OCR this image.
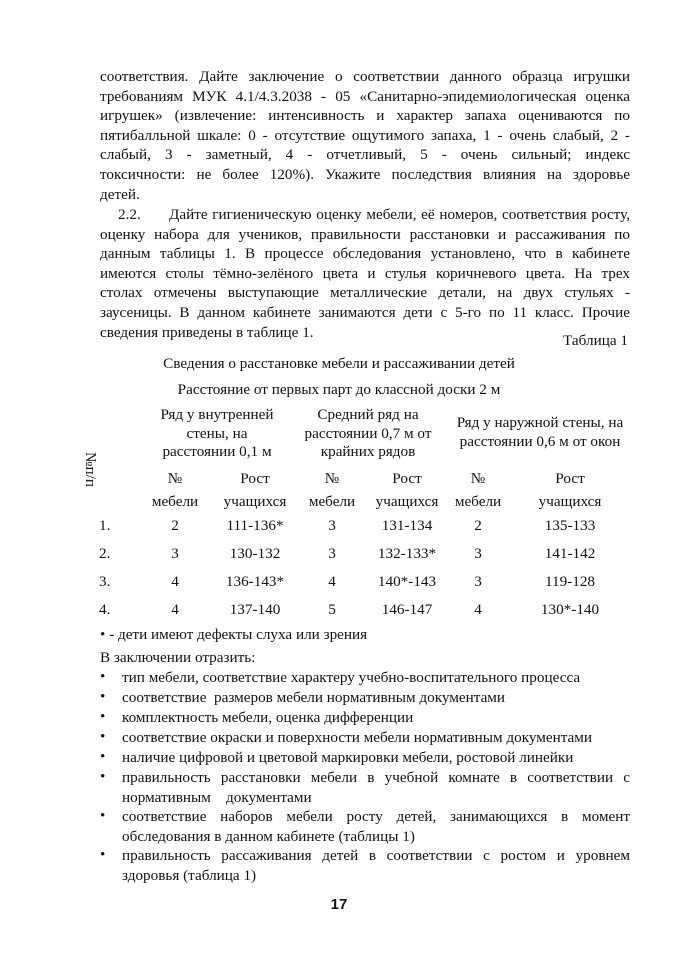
соответствия. Дайте заключение о соответствии данного образца игрушки
требованиям МУК 4.1/4.3.2038 - 05 «Санитарно-эпидемиологическая оценка
игрушек» (извлечение: интенсивность и характер запаха оцениваются по
пятибалльной шкале: 0 - отсутствие ощутимого запаха, 1 - очень слабый, 2 -
слабый, 3 - заметный, 4 - отчетливый, 5 - очень сильный; индекс
токсичности: не более 120%). Укажите последствия влияния на здоровье
детей.
2.2.      Дайте гигиеническую оценку мебели, её номеров, соответствия росту,
оценку набора для учеников, правильности расстановки и рассаживания по
данным таблицы 1. В процессе обследования установлено, что в кабинете
имеются столы тёмно-зелёного цвета и стулья коричневого цвета. На трех
столах отмечены выступающие металлические детали, на двух стульях -
заусеницы. В данном кабинете занимаются дети с 5-го по 11 класс. Прочие
сведения приведены в таблице 1.	Таблица 1
Сведения о расстановке мебели и рассаживании детей
Расстояние от первых парт до классной доски 2 м
№п/п
Ряд у внутренней
стены, на
расстоянии 0,1 м
Средний ряд на
расстоянии 0,7 м от
крайних рядов
Ряд у наружной стены, на
расстоянии 0,6 м от окон
№	Рост	№	Рост	№	Рост
мебели	учащихся	мебели	учащихся	мебели	учащихся
1.	2	111-136*	3	131-134	2	135-133
2.	3	130-132	3	132-133*	3	141-142
3.	4	136-143*	4	140*-143	3	119-128
4.	4	137-140	5	146-147	4	130*-140
• - дети имеют дефекты слуха или зрения
В заключении отразить:
• тип мебели, соответствие характеру учебно-воспитательного процесса
• соответствие  размеров мебели нормативным документами
• комплектность мебели, оценка дифференции
• соответствие окраски и поверхности мебели нормативным документами
• наличие цифровой и цветовой маркировки мебели, ростовой линейки
• правильность расстановки мебели в учебной комнате в соответствии с
нормативным    документами
• соответствие наборов мебели росту детей, занимающихся в момент
обследования в данном кабинете (таблицы 1)
• правильность рассаживания детей в соответствии с ростом и уровнем
здоровья (таблица 1)
17
